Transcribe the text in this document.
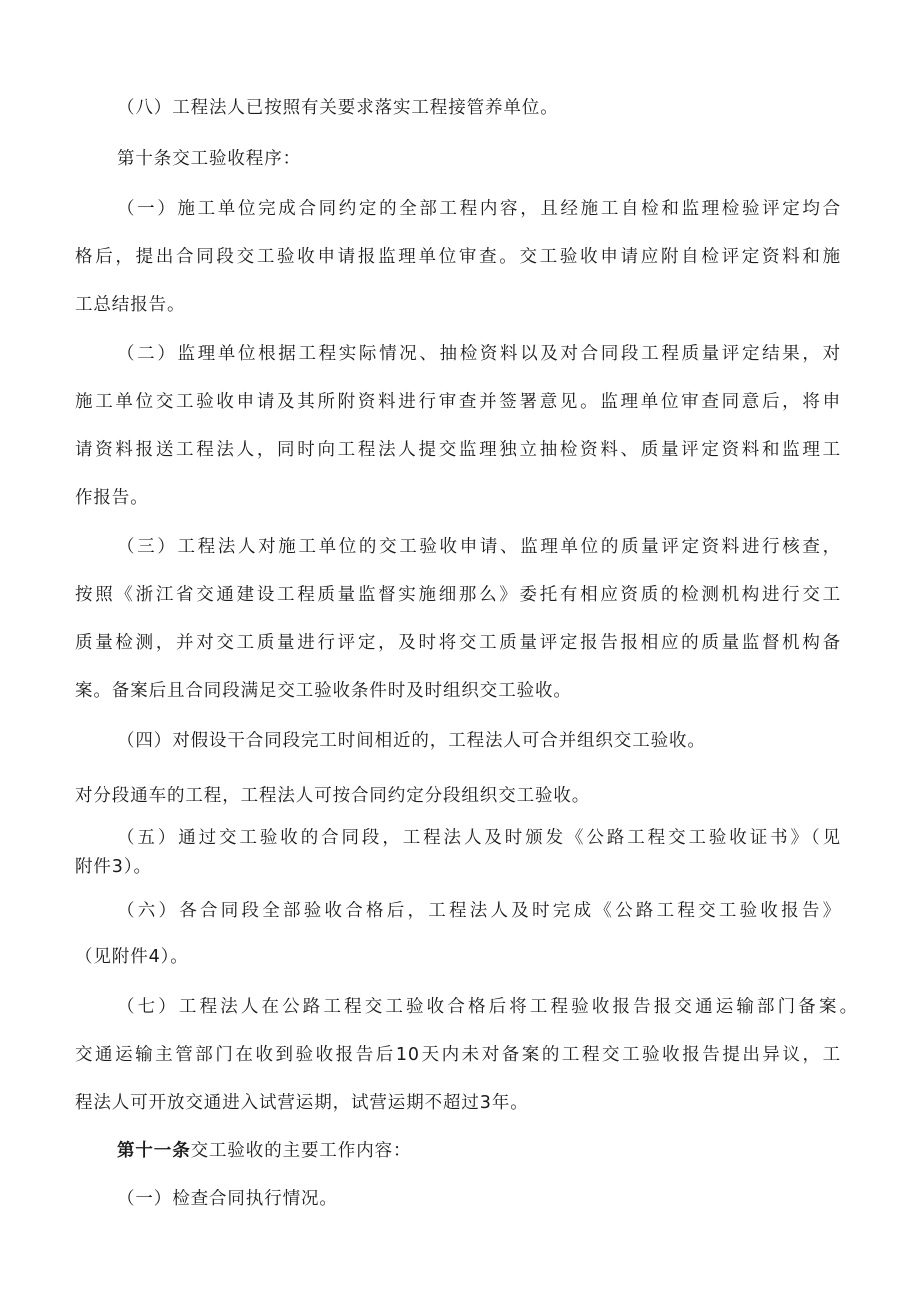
（八）工程法人已按照有关要求落实工程接管养单位。
第十条交工验收程序：
（一）施工单位完成合同约定的全部工程内容，且经施工自检和监理检验评定均合
格后，提出合同段交工验收申请报监理单位审查。交工验收申请应附自检评定资料和施
工总结报告。
（二）监理单位根据工程实际情况、抽检资料以及对合同段工程质量评定结果，对
施工单位交工验收申请及其所附资料进行审查并签署意见。监理单位审查同意后，将申
请资料报送工程法人，同时向工程法人提交监理独立抽检资料、质量评定资料和监理工
作报告。
（三）工程法人对施工单位的交工验收申请、监理单位的质量评定资料进行核查，
按照《浙江省交通建设工程质量监督实施细那么》委托有相应资质的检测机构进行交工
质量检测，并对交工质量进行评定，及时将交工质量评定报告报相应的质量监督机构备
案。备案后且合同段满足交工验收条件时及时组织交工验收。
（四）对假设干合同段完工时间相近的，工程法人可合并组织交工验收。
对分段通车的工程，工程法人可按合同约定分段组织交工验收。
（五）通过交工验收的合同段，工程法人及时颁发《公路工程交工验收证书》（见
附件3）。
（六）各合同段全部验收合格后，工程法人及时完成《公路工程交工验收报告》
（见附件4）。
（七）工程法人在公路工程交工验收合格后将工程验收报告报交通运输部门备案。
交通运输主管部门在收到验收报告后10天内未对备案的工程交工验收报告提出异议，工
程法人可开放交通进入试营运期，试营运期不超过3年。
第十一条交工验收的主要工作内容：
（一）检查合同执行情况。
